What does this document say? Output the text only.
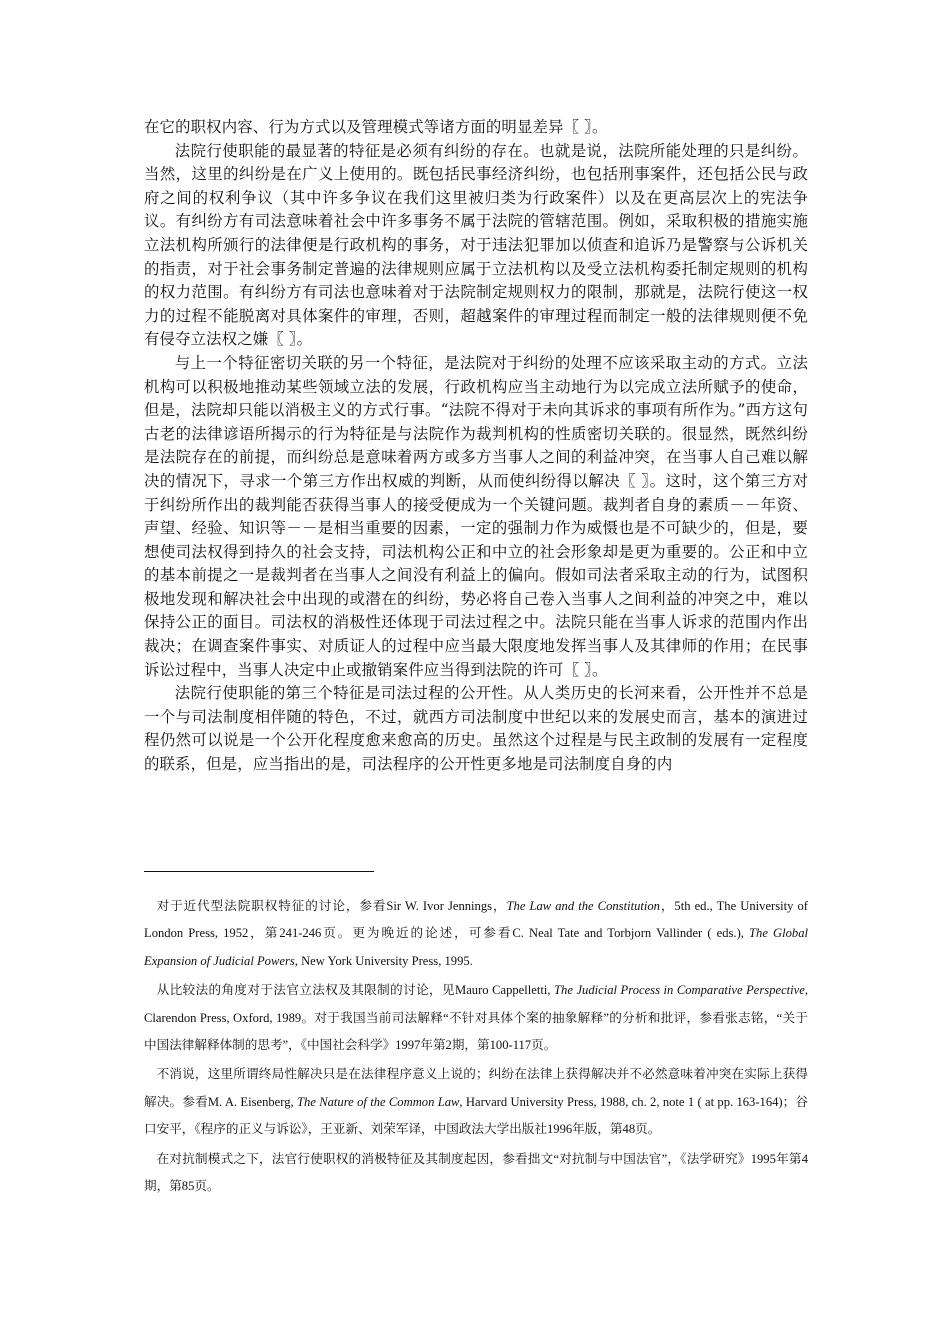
在它的职权内容、行为方式以及管理模式等诸方面的明显差异〖 〗。

法院行使职能的最显著的特征是必须有纠纷的存在。也就是说，法院所能处理的只是纠纷。当然，这里的纠纷是在广义上使用的。既包括民事经济纠纷，也包括刑事案件，还包括公民与政府之间的权利争议（其中许多争议在我们这里被归类为行政案件）以及在更高层次上的宪法争议。有纠纷方有司法意味着社会中许多事务不属于法院的管辖范围。例如，采取积极的措施实施立法机构所颁行的法律便是行政机构的事务，对于违法犯罪加以侦查和追诉乃是警察与公诉机关的指责，对于社会事务制定普遍的法律规则应属于立法机构以及受立法机构委托制定规则的机构的权力范围。有纠纷方有司法也意味着对于法院制定规则权力的限制，那就是，法院行使这一权力的过程不能脱离对具体案件的审理，否则，超越案件的审理过程而制定一般的法律规则便不免有侵夺立法权之嫌〖 〗。

与上一个特征密切关联的另一个特征，是法院对于纠纷的处理不应该采取主动的方式。立法机构可以积极地推动某些领域立法的发展，行政机构应当主动地行为以完成立法所赋予的使命，但是，法院却只能以消极主义的方式行事。“法院不得对于未向其诉求的事项有所作为。”西方这句古老的法律谚语所揭示的行为特征是与法院作为裁判机构的性质密切关联的。很显然，既然纠纷是法院存在的前提，而纠纷总是意味着两方或多方当事人之间的利益冲突，在当事人自己难以解决的情况下，寻求一个第三方作出权威的判断，从而使纠纷得以解决〖 〗。这时，这个第三方对于纠纷所作出的裁判能否获得当事人的接受便成为一个关键问题。裁判者自身的素质－－年资、声望、经验、知识等－－是相当重要的因素，一定的强制力作为威慑也是不可缺少的，但是，要想使司法权得到持久的社会支持，司法机构公正和中立的社会形象却是更为重要的。公正和中立的基本前提之一是裁判者在当事人之间没有利益上的偏向。假如司法者采取主动的行为，试图积极地发现和解决社会中出现的或潜在的纠纷，势必将自己卷入当事人之间利益的冲突之中，难以保持公正的面目。司法权的消极性还体现于司法过程之中。法院只能在当事人诉求的范围内作出裁决；在调查案件事实、对质证人的过程中应当最大限度地发挥当事人及其律师的作用；在民事诉讼过程中，当事人决定中止或撤销案件应当得到法院的许可〖 〗。

法院行使职能的第三个特征是司法过程的公开性。从人类历史的长河来看，公开性并不总是一个与司法制度相伴随的特色，不过，就西方司法制度中世纪以来的发展史而言，基本的演进过程仍然可以说是一个公开化程度愈来愈高的历史。虽然这个过程是与民主政制的发展有一定程度的联系，但是，应当指出的是，司法程序的公开性更多地是司法制度自身的内

对于近代型法院职权特征的讨论，参看Sir W. Ivor Jennings，The Law and the Constitution，5th ed., The University of London Press, 1952，第241-246页。更为晚近的论述，可参看C. Neal Tate and Torbjorn Vallinder ( eds.), The Global Expansion of Judicial Powers, New York University Press, 1995.

从比较法的角度对于法官立法权及其限制的讨论，见Mauro Cappelletti, The Judicial Process in Comparative Perspective, Clarendon Press, Oxford, 1989。对于我国当前司法解释“不针对具体个案的抽象解释”的分析和批评，参看张志铭，“关于中国法律解释体制的思考”，《中国社会科学》1997年第2期，第100-117页。

不消说，这里所谓终局性解决只是在法律程序意义上说的；纠纷在法律上获得解决并不必然意味着冲突在实际上获得解决。参看M. A. Eisenberg, The Nature of the Common Law, Harvard University Press, 1988, ch. 2, note 1 ( at pp. 163-164)；谷口安平，《程序的正义与诉讼》，王亚新、刘荣军译，中国政法大学出版社1996年版，第48页。

在对抗制模式之下，法官行使职权的消极特征及其制度起因，参看拙文“对抗制与中国法官”，《法学研究》1995年第4期，第85页。
